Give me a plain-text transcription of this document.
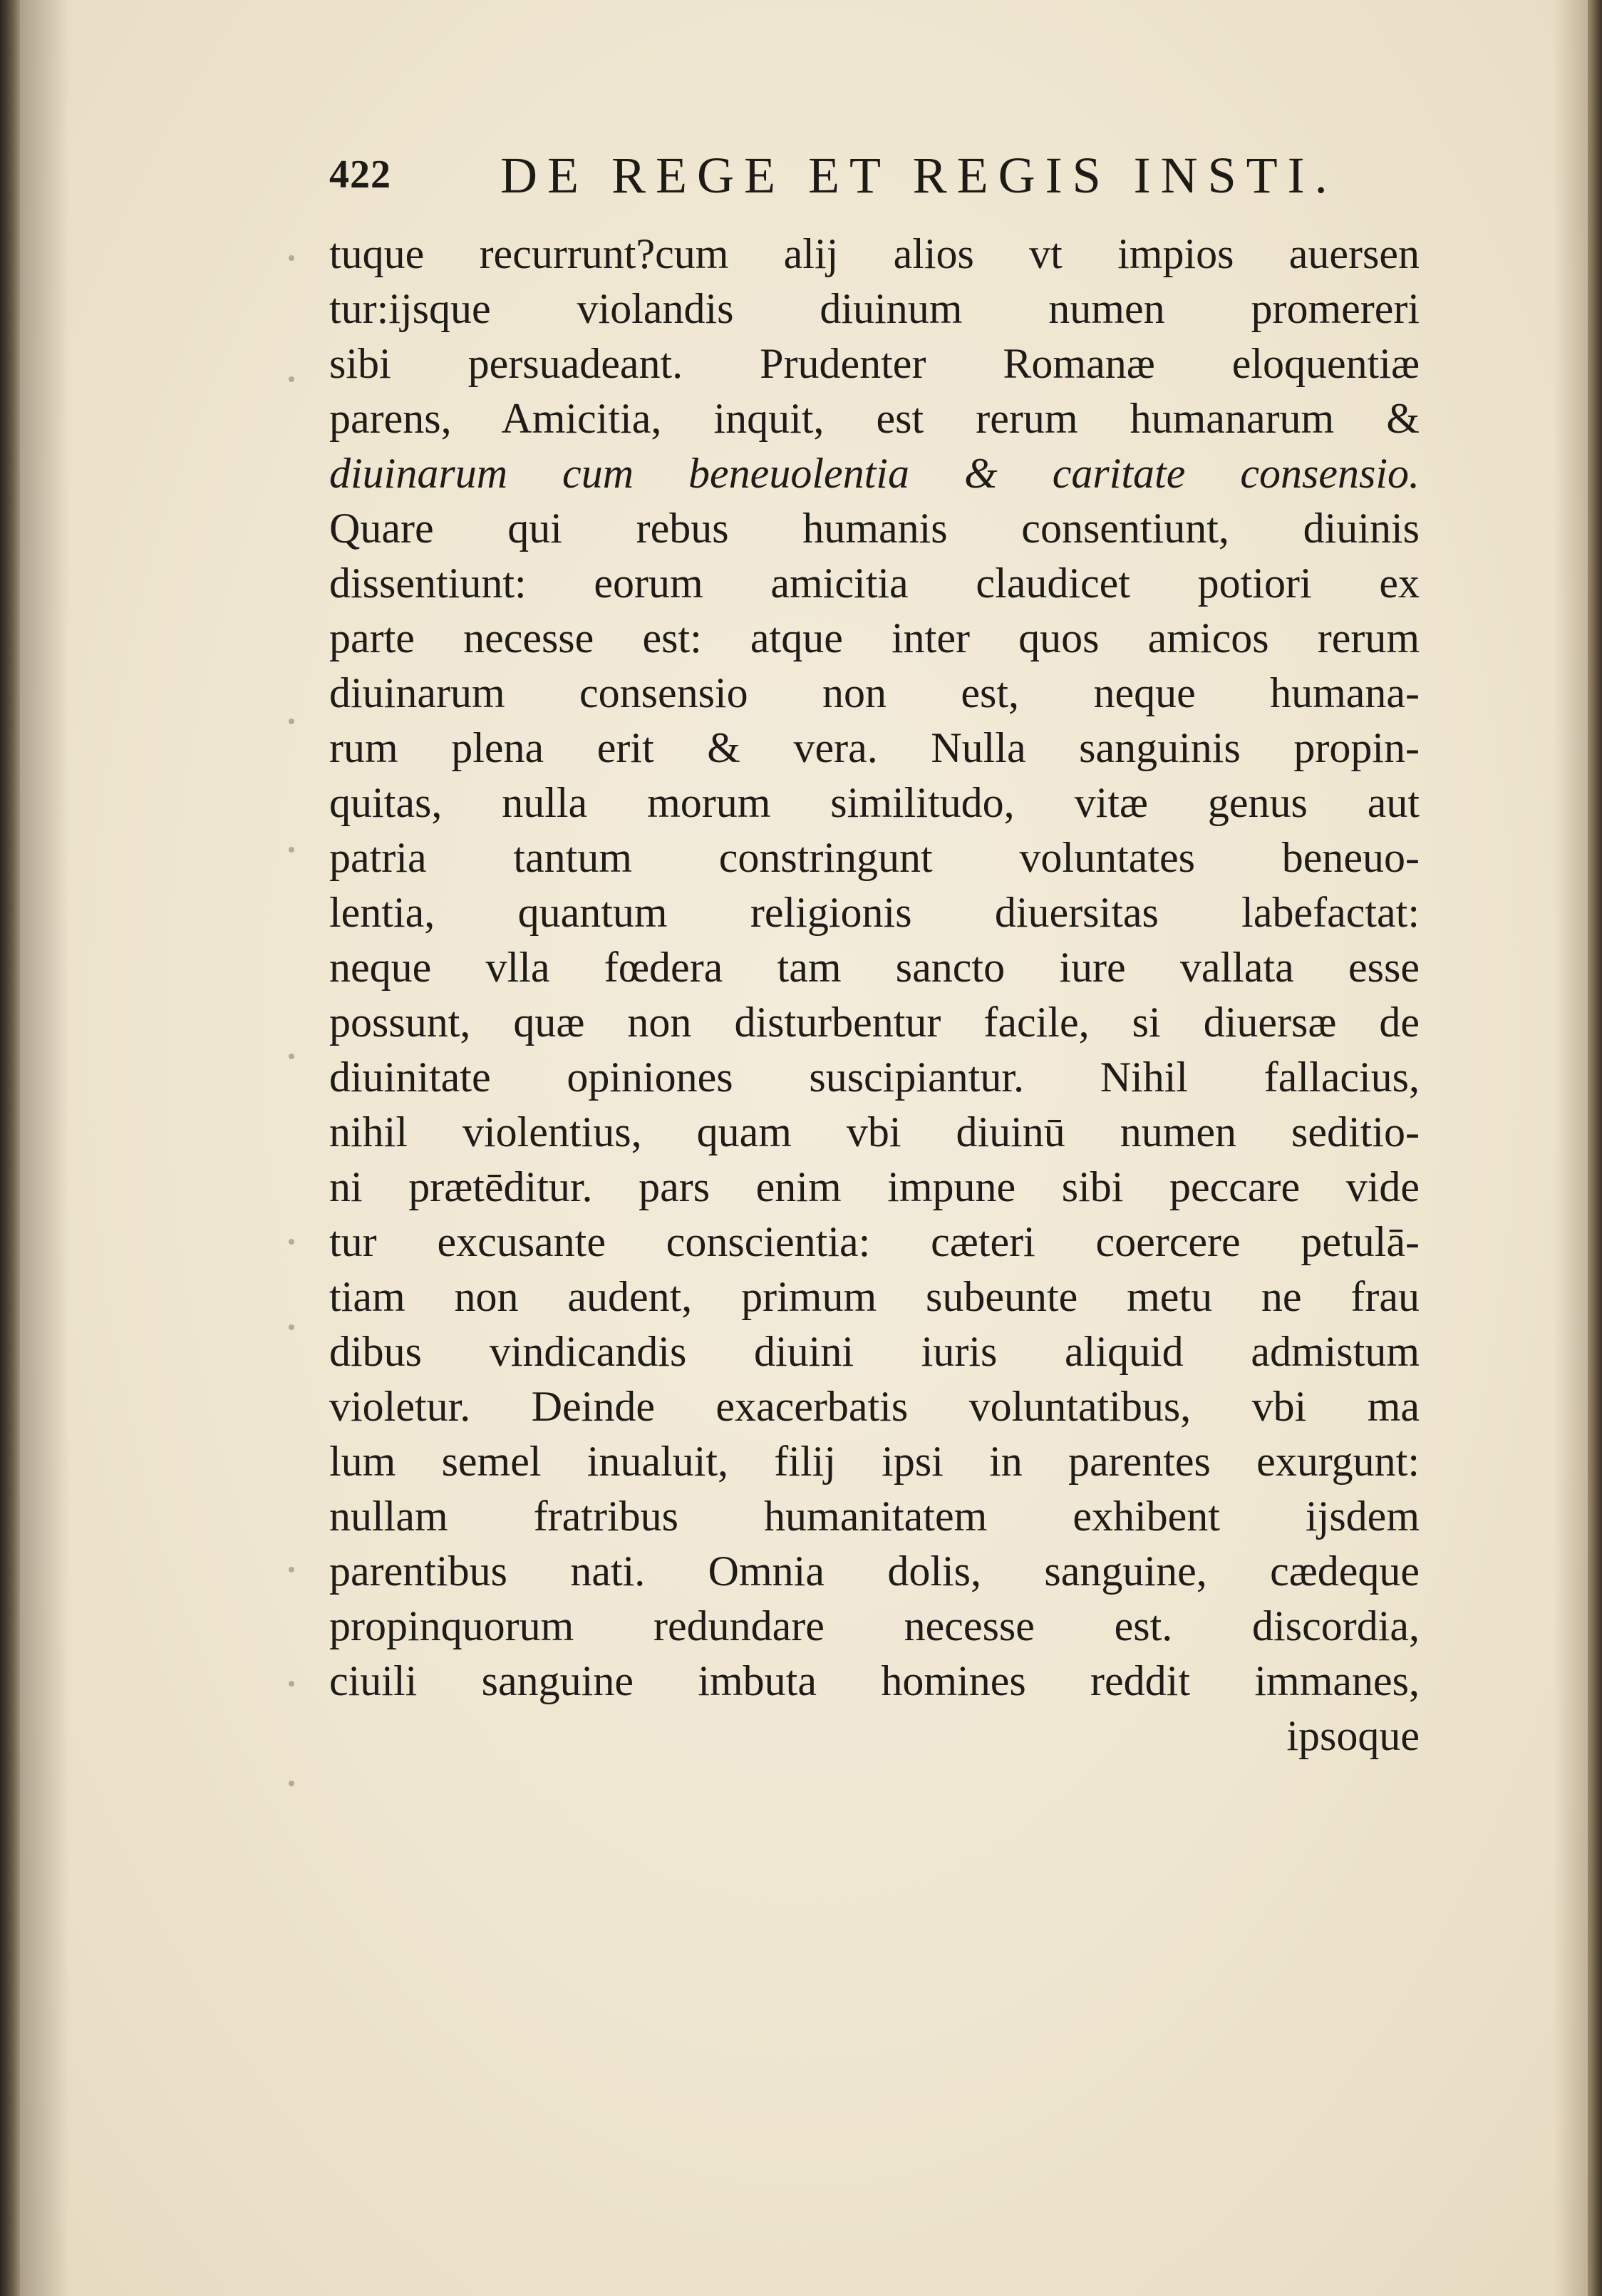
422 DE REGE ET REGIS INSTI.
tuque recurrunt?cum alij alios vt impios auersen
tur:ijsque violandis diuinum numen promereri
sibi persuadeant. Prudenter Romanæ eloquentiæ
parens, Amicitia, inquit, est rerum humanarum &
diuinarum cum beneuolentia & caritate consensio.
Quare qui rebus humanis consentiunt, diuinis
dissentiunt: eorum amicitia claudicet potiori ex
parte necesse est: atque inter quos amicos rerum
diuinarum consensio non est, neque humana-
rum plena erit & vera. Nulla sanguinis propin-
quitas, nulla morum similitudo, vitæ genus aut
patria tantum constringunt voluntates beneuo-
lentia, quantum religionis diuersitas labefactat:
neque vlla fœdera tam sancto iure vallata esse
possunt, quæ non disturbentur facile, si diuersæ de
diuinitate opiniones suscipiantur. Nihil fallacius,
nihil violentius, quam vbi diuinū numen seditio-
ni prætēditur. pars enim impune sibi peccare vide
tur excusante conscientia: cæteri coercere petulā-
tiam non audent, primum subeunte metu ne frau
dibus vindicandis diuini iuris aliquid admistum
violetur. Deinde exacerbatis voluntatibus, vbi ma
lum semel inualuit, filij ipsi in parentes exurgunt:
nullam fratribus humanitatem exhibent ijsdem
parentibus nati. Omnia dolis, sanguine, cædeque
propinquorum redundare necesse est. discordia,
ciuili sanguine imbuta homines reddit immanes,
ipsoque
